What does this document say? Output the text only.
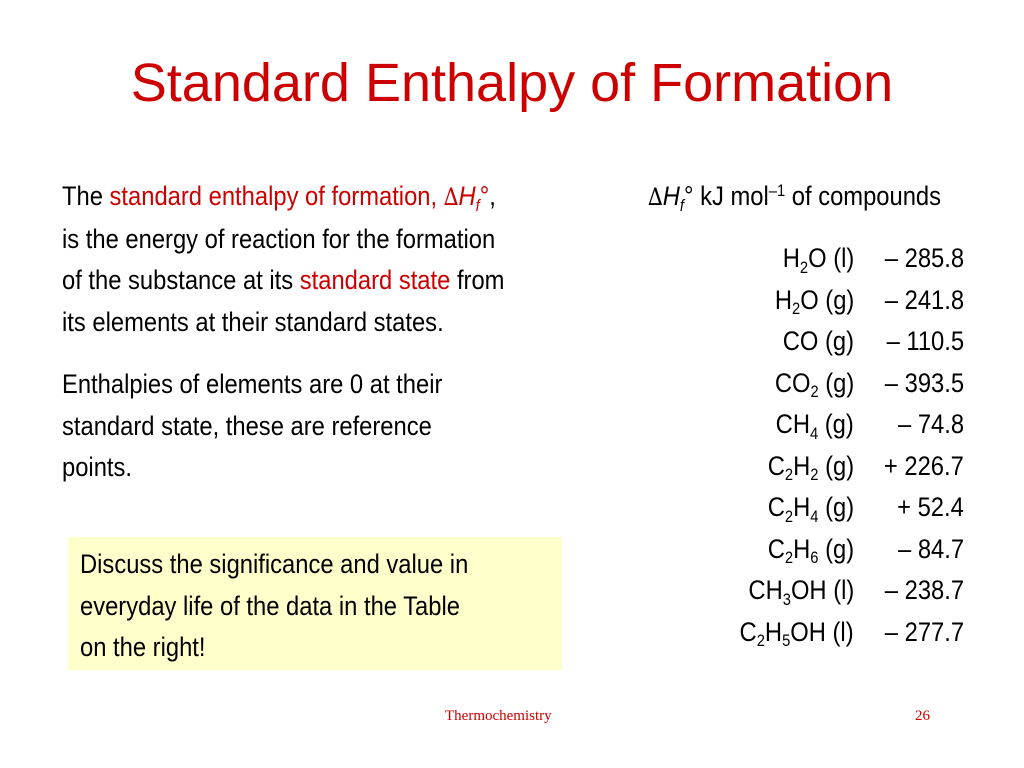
Standard Enthalpy of Formation
The standard enthalpy of formation, $\Delta H_f^\circ$,
is the energy of reaction for the formation
of the substance at its standard state from
its elements at their standard states.
Enthalpies of elements are 0 at their
standard state, these are reference
points.
Discuss the significance and value in
everyday life of the data in the Table
on the right!
$\Delta H_f^\circ$ kJ mol$^{-1}$ of compounds
$H_2O$ (l) – 285.8
$H_2O$ (g) – 241.8
CO (g) – 110.5
$CO_2$ (g) – 393.5
$CH_4$ (g) – 74.8
$C_2H_2$ (g) + 226.7
$C_2H_4$ (g) + 52.4
$C_2H_6$ (g) – 84.7
$CH_3OH$ (l) – 238.7
$C_2H_5OH$ (l) – 277.7
Thermochemistry	26
